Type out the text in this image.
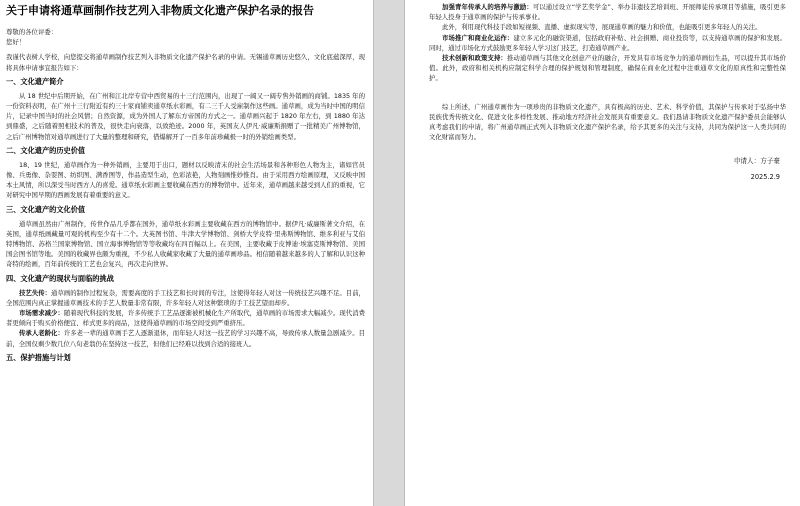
关于申请将通草画制作技艺列入非物质文化遗产保护名录的报告

尊敬的各位评委：

您好！

我谨代表树人学校，向您提交将通草画制作技艺列入非物质文化遗产保护名录的申请。无锡通草画历史悠久，文化底蕴深厚，现将具体申请事宜报告如下：

一、文化遗产简介

从 18 世纪中后期开始，在广州和江北岸专营中西贸易的十三行范围内，出现了一阔又一阔专售外销画的商铺。1835 年的一份资料表明，在广州十三行附近有约三十家商铺卖通草纸水彩画，有二三千人受雇制作这些画。通草画，成为当时中国的明信片，记录中国当时的社会风情；自然资源，成为外国人了解东方帝国的方式之一。通草画兴起于 1820 年左右，到 1880 年达到鼎盛，之后随着照相技术的普及，很快走向衰落，以致绝迹。2000 年，英国友人伊凡·威廉斯捐赠了一批精美广州博物馆，之后广州博物馆对通草画进行了大量的整理和研究，借爆解开了一百多年前珍藏极一时的外销绘画类型。

二、文化遗产的历史价值

18、19 世纪，通草画作为一种外销画，主要用于出口，题材以反映清末的社会生活场景和各种形色人物为主，诸如官员像、兵勇像、杂耍图、纺织图、满香图等，作品造型生动，色彩浓艳，人物刻画惟妙惟肖。由于采用西方绘画原理，又反映中国本土风情，所以深受当时西方人的喜爱。通草纸水彩画主要收藏在西方的博物馆中。近年来，通草画越来越受到人们的重视，它对研究中国早期的西画发展有着重要的意义。

三、文化遗产的文化价值

通草画虽然由广州制作，传世作品几乎都在国外，通草纸水彩画主要收藏在西方的博物馆中。据伊凡·威廉斯著文介绍，在英国，通草纸画藏量可观的机构至少有十二个。大英图书馆、牛津大学博物馆、剑桥大学皮特·里弗斯博物馆、维多利亚与艾伯特博物馆、苏格兰国家博物馆、国立海事博物馆等等收藏均在四百幅以上。在美国，主要收藏于皮博迪·埃塞克斯博物馆、美国国会图书馆等地。美国的收藏界也颇为重视，不少私人收藏家收藏了大量的通草画珍品。相信随着越来越多的人了解和认识这种奇特的绘画，百年前传统的工艺也会复兴，再次走向世界。

四、文化遗产的现状与面临的挑战

技艺失传：通草画的制作过程复杂，需要高度的手工技艺和长时间的专注，这使得年轻人对这一传统技艺兴趣不足。目前，全国范围内真正掌握通草画技术的手艺人数量非常有限，许多年轻人对这种繁琐的手工技艺望而却步。

市场需求减少：随着现代科技的发展，许多传统手工艺品逐渐被机械化生产所取代，通草画的市场需求大幅减少。现代消费者更倾向于购买价格便宜、样式更多的商品，这使得通草画的市场空间受到严重挤压。

传承人老龄化：许多老一辈的通草画手艺人逐渐退休，而年轻人对这一技艺的学习兴趣不高，导致传承人数量急剧减少。目前，全国仅剩少数几位八旬老翁仍在坚持这一技艺，但他们已经难以找到合适的接班人。

五、保护措施与计划

加强青年传承人的培养与激励：可以通过设立“学艺奖学金”、举办非遗技艺培训班、开展师徒传承项目等措施，吸引更多年轻人投身于通草画的保护与传承事业。

此外，利用现代科技手段如短视频、直播、虚拟现实等，展现通草画的魅力和价值，也能吸引更多年轻人的关注。

市场推广和商业化运作：建立多元化的融资渠道，包括政府补贴、社会捐赠、商业投资等，以支持通草画的保护和发展。同时，通过市场化方式鼓励更多年轻人学习这门技艺，打造通草画产业。

技术创新和政策支持：推动通草画与其他文化创意产业的融合，开发具有市场竞争力的通草画衍生品，可以提升其市场价值。此外，政府和相关机构应制定科学合理的保护规划和管理制度，确保在商业化过程中注重通草文化的原真性和完整性保护。

综上所述，广州通草画作为一项珍贵的非物质文化遗产，具有极高的历史、艺术、科学价值，其保护与传承对于弘扬中华民族优秀传统文化、促进文化多样性发展、推动地方经济社会发展具有重要意义。我们恳请非物质文化遗产保护委员会能够认真考虑我们的申请，将广州通草画正式列入非物质文化遗产保护名录，给予其更多的关注与支持，共同为保护这一人类共同的文化财富而努力。

申请人：方子豪

2025.2.9
